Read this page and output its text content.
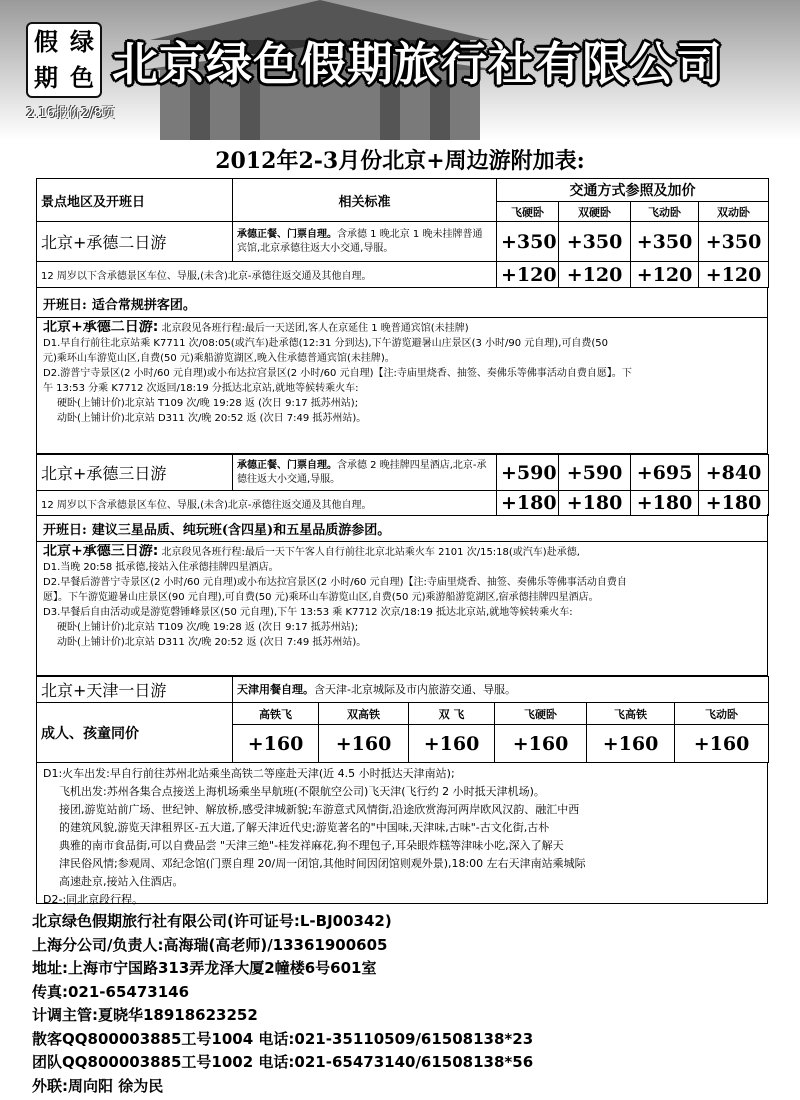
假 绿
期 色 北京绿色假期旅行社有限公司
2.16报价2/8页
2012年2-3月份北京+周边游附加表:
景点地区及开班日	相关标准	交通方式参照及加价			
		飞硬卧	双硬卧	飞动卧	双动卧
北京+承德二日游	承德正餐、门票自理。含承德 1 晚北京 1 晚未挂牌普通宾馆,北京承德往返大小交通,导服。	+350	+350	+350	+350
12 周岁以下含承德景区车位、导服,(未含)北京-承德往返交通及其他自理。		+120	+120	+120	+120
开班日: 适合常规拼客团。
北京+承德二日游: 北京段见各班行程:最后一天送团,客人在京延住 1 晚普通宾馆(未挂牌)
D1.早自行前往北京站乘 K7711 次/08:05(或汽车)赴承德(12:31 分到达),下午游览避暑山庄景区(3 小时/90 元自理),可自费(50
元)乘环山车游览山区,自费(50 元)乘船游览湖区,晚入住承德普通宾馆(未挂牌)。
D2.游普宁寺景区(2 小时/60 元自理)或小布达拉宫景区(2 小时/60 元自理)【注:寺庙里烧香、抽签、奏佛乐等佛事活动自费自愿】。下
午 13:53 分乘 K7712 次返回/18:19 分抵达北京站,就地等候转乘火车:
硬卧(上铺计价)北京站 T109 次/晚 19:28 返 (次日 9:17 抵苏州站);
动卧(上铺计价)北京站 D311 次/晚 20:52 返 (次日 7:49 抵苏州站)。
北京+承德三日游	承德正餐、门票自理。含承德 2 晚挂牌四星酒店,北京-承德往返大小交通,导服。	+590	+590	+695	+840
12 周岁以下含承德景区车位、导服,(未含)北京-承德往返交通及其他自理。		+180	+180	+180	+180
开班日: 建议三星品质、纯玩班(含四星)和五星品质游参团。
北京+承德三日游: 北京段见各班行程:最后一天下午客人自行前往北京北站乘火车 2101 次/15:18(或汽车)赴承德,
D1.当晚 20:58 抵承德,接站入住承德挂牌四星酒店。
D2.早餐后游普宁寺景区(2 小时/60 元自理)或小布达拉宫景区(2 小时/60 元自理)【注:寺庙里烧香、抽签、奏佛乐等佛事活动自费自
愿】。下午游览避暑山庄景区(90 元自理),可自费(50 元)乘环山车游览山区,自费(50 元)乘游船游览湖区,宿承德挂牌四星酒店。
D3.早餐后自由活动或是游览磬锤峰景区(50 元自理),下午 13:53 乘 K7712 次京/18:19 抵达北京站,就地等候转乘火车:
硬卧(上铺计价)北京站 T109 次/晚 19:28 返 (次日 9:17 抵苏州站);
动卧(上铺计价)北京站 D311 次/晚 20:52 返 (次日 7:49 抵苏州站)。
北京+天津一日游	天津用餐自理。含天津-北京城际及市内旅游交通、导服。					
成人、孩童同价	高铁飞	双高铁	双 飞	飞硬卧	飞高铁	飞动卧
	+160	+160	+160	+160	+160	+160
D1:火车出发:早自行前往苏州北站乘坐高铁二等座赴天津(近 4.5 小时抵达天津南站);
飞机出发:苏州各集合点接送上海机场乘坐早航班(不限航空公司)飞天津(飞行约 2 小时抵天津机场)。
接团,游览站前广场、世纪钟、解放桥,感受津城新貌;车游意式风情街,沿途欣赏海河两岸欧风汉韵、融汇中西
的建筑风貌,游览天津租界区-五大道,了解天津近代史;游览著名的"中国味,天津味,古味"-古文化街,古朴
典雅的南市食品街,可以自费品尝 "天津三绝"-桂发祥麻花,狗不理包子,耳朵眼炸糕等津味小吃,深入了解天
津民俗风情;参观周、邓纪念馆(门票自理 20/周一闭馆,其他时间因闭馆则观外景),18:00 左右天津南站乘城际
高速赴京,接站入住酒店。
D2-:同北京段行程。
北京绿色假期旅行社有限公司(许可证号:L-BJ00342)
上海分公司/负责人:高海瑞(高老师)/13361900605
地址:上海市宁国路313弄龙泽大厦2幢楼6号601室
传真:021-65473146
计调主管:夏晓华18918623252
散客QQ800003885工号1004 电话:021-35110509/61508138*23
团队QQ800003885工号1002 电话:021-65473140/61508138*56
外联:周向阳 徐为民
